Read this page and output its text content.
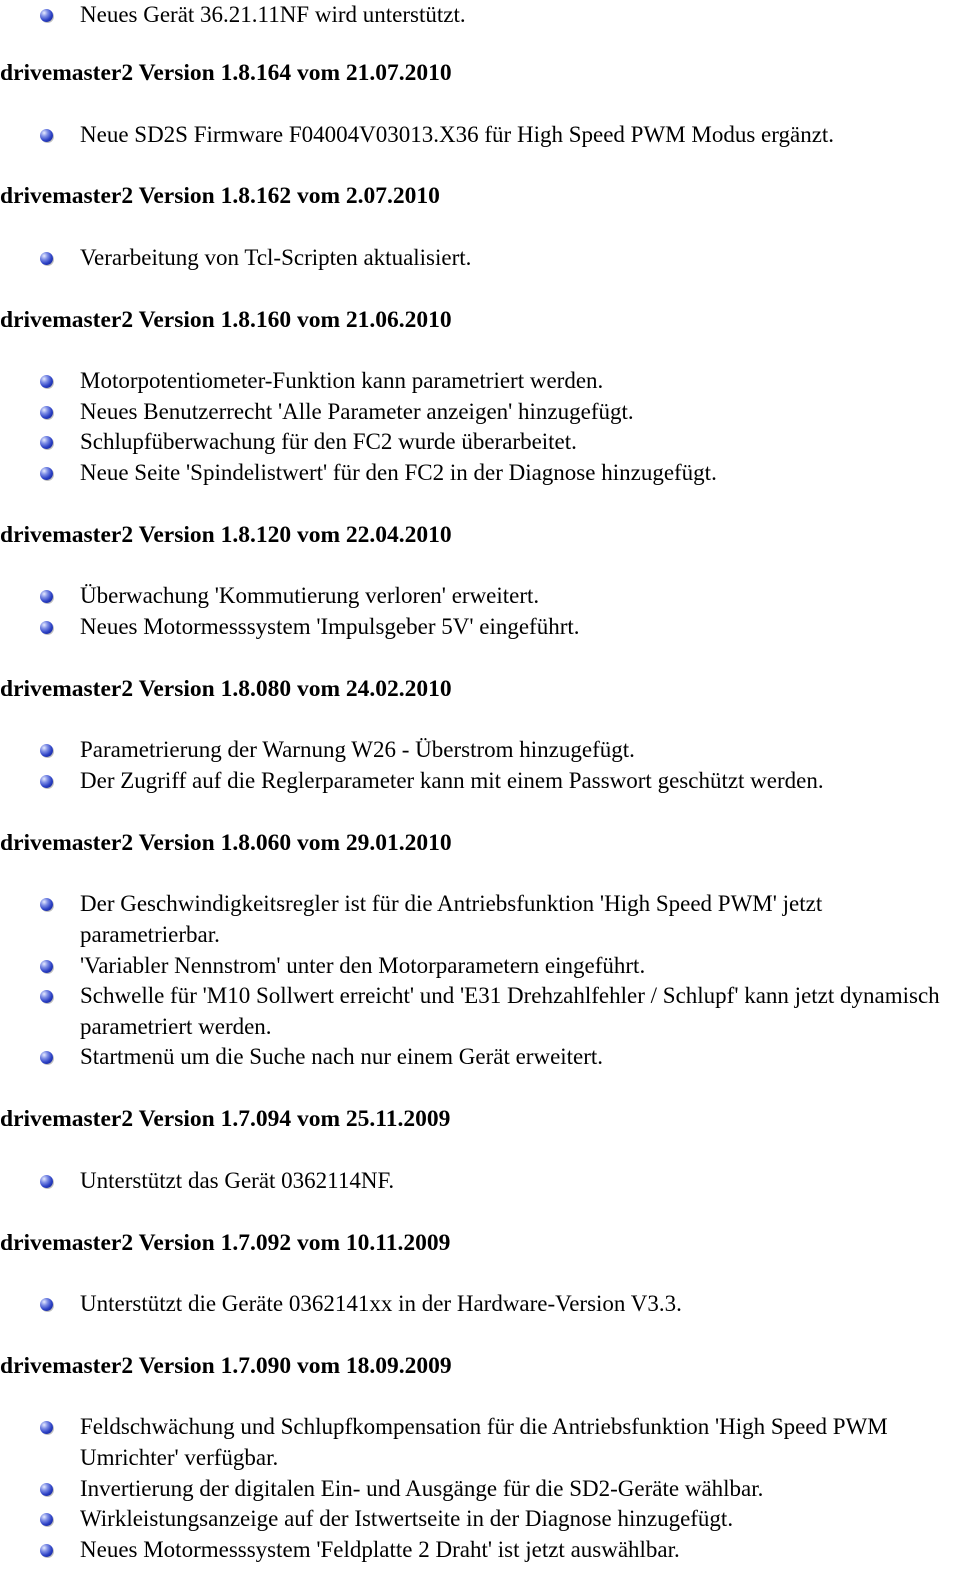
Neues Gerät 36.21.11NF wird unterstützt.
drivemaster2 Version 1.8.164 vom 21.07.2010
Neue SD2S Firmware F04004V03013.X36 für High Speed PWM Modus ergänzt.
drivemaster2 Version 1.8.162 vom 2.07.2010
Verarbeitung von Tcl-Scripten aktualisiert.
drivemaster2 Version 1.8.160 vom 21.06.2010
Motorpotentiometer-Funktion kann parametriert werden.
Neues Benutzerrecht 'Alle Parameter anzeigen' hinzugefügt.
Schlupfüberwachung für den FC2 wurde überarbeitet.
Neue Seite 'Spindelistwert' für den FC2 in der Diagnose hinzugefügt.
drivemaster2 Version 1.8.120 vom 22.04.2010
Überwachung 'Kommutierung verloren' erweitert.
Neues Motormesssystem 'Impulsgeber 5V' eingeführt.
drivemaster2 Version 1.8.080 vom 24.02.2010
Parametrierung der Warnung W26 - Überstrom hinzugefügt.
Der Zugriff auf die Reglerparameter kann mit einem Passwort geschützt werden.
drivemaster2 Version 1.8.060 vom 29.01.2010
Der Geschwindigkeitsregler ist für die Antriebsfunktion 'High Speed PWM' jetzt parametrierbar.
'Variabler Nennstrom' unter den Motorparametern eingeführt.
Schwelle für 'M10 Sollwert erreicht' und 'E31 Drehzahlfehler / Schlupf' kann jetzt dynamisch parametriert werden.
Startmenü um die Suche nach nur einem Gerät erweitert.
drivemaster2 Version 1.7.094 vom 25.11.2009
Unterstützt das Gerät 0362114NF.
drivemaster2 Version 1.7.092 vom 10.11.2009
Unterstützt die Geräte 0362141xx in der Hardware-Version V3.3.
drivemaster2 Version 1.7.090 vom 18.09.2009
Feldschwächung und Schlupfkompensation für die Antriebsfunktion 'High Speed PWM Umrichter' verfügbar.
Invertierung der digitalen Ein- und Ausgänge für die SD2-Geräte wählbar.
Wirkleistungsanzeige auf der Istwertseite in der Diagnose hinzugefügt.
Neues Motormesssystem 'Feldplatte 2 Draht' ist jetzt auswählbar.
